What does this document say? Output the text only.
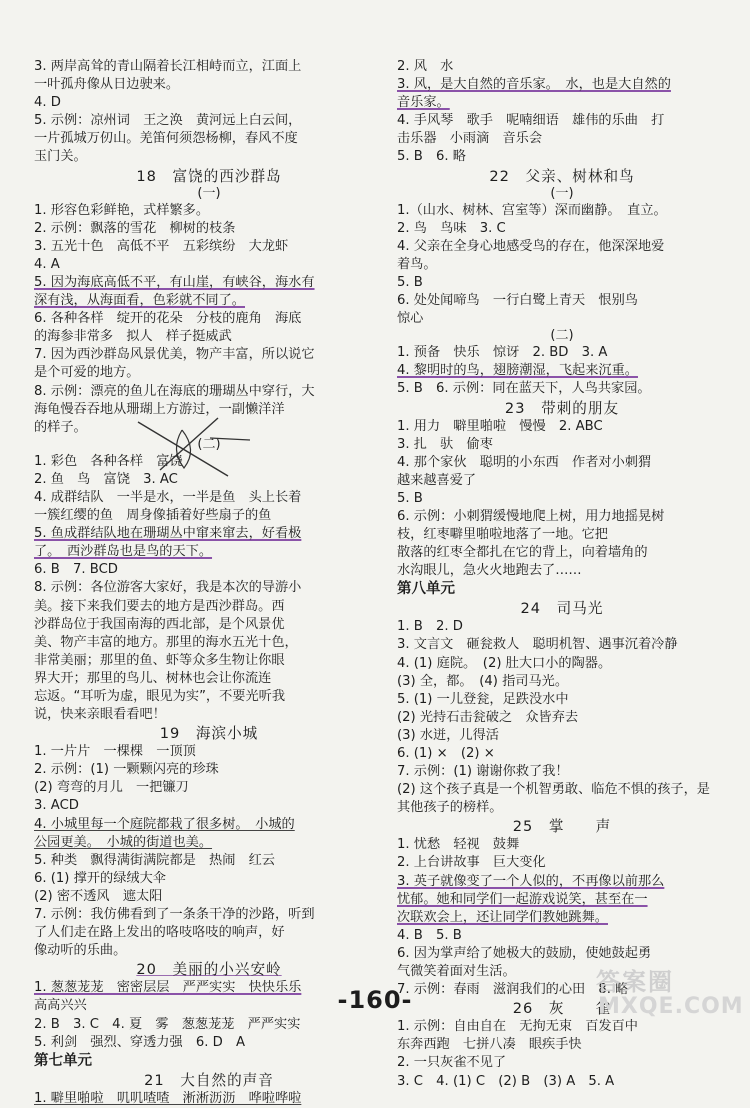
3. 两岸高耸的青山隔着长江相峙而立，江面上
一叶孤舟像从日边驶来。
4. D
5. 示例：凉州词　王之涣　黄河远上白云间，
一片孤城万仞山。羌笛何须怨杨柳，春风不度
玉门关。
18　富饶的西沙群岛
(一)
1. 形容色彩鲜艳，式样繁多。
2. 示例：飘落的雪花　柳树的枝条
3. 五光十色　高低不平　五彩缤纷　大龙虾
4. A
5. 因为海底高低不平，有山崖，有峡谷，海水有
深有浅，从海面看，色彩就不同了。
6. 各种各样　绽开的花朵　分枝的鹿角　海底
的海参非常多　拟人　样子挺威武
7. 因为西沙群岛风景优美，物产丰富，所以说它
是个可爱的地方。
8. 示例：漂亮的鱼儿在海底的珊瑚丛中穿行，大
海龟慢吞吞地从珊瑚上方游过，一副懒洋洋
的样子。
(二)
1. 彩色　各种各样　富饶
2. 鱼　鸟　富饶　3. AC
4. 成群结队　一半是水，一半是鱼　头上长着
一簇红缨的鱼　周身像插着好些扇子的鱼
5. 鱼成群结队地在珊瑚丛中窜来窜去，好看极
了。　西沙群岛也是鸟的天下。
6. B　7. BCD
8. 示例：各位游客大家好，我是本次的导游小
美。接下来我们要去的地方是西沙群岛。西
沙群岛位于我国南海的西北部，是个风景优
美、物产丰富的地方。那里的海水五光十色，
非常美丽；那里的鱼、虾等众多生物让你眼
界大开；那里的鸟儿、树林也会让你流连
忘返。“耳听为虚，眼见为实”，不要光听我
说，快来亲眼看看吧！
19　海滨小城
1. 一片片　一棵棵　一顶顶
2. 示例：(1) 一颗颗闪亮的珍珠
(2) 弯弯的月儿　一把镰刀
3. ACD
4. 小城里每一个庭院都栽了很多树。　小城的
公园更美。　小城的街道也美。
5. 种类　飘得满街满院都是　热闹　红云
6. (1) 撑开的绿绒大伞
(2) 密不透风　遮太阳
7. 示例：我仿佛看到了一条条干净的沙路，听到
了人们走在路上发出的咯吱咯吱的响声，好
像动听的乐曲。
20　美丽的小兴安岭
1. 葱葱茏茏　密密层层　严严实实　快快乐乐
高高兴兴
2. B　3. C　4. 夏　雾　葱葱茏茏　严严实实
5. 利剑　强烈、穿透力强　6. D　A
第七单元
21　大自然的声音
1. 噼里啪啦　叽叽喳喳　淅淅沥沥　哗啦哗啦
2. 风　水
3. 风，是大自然的音乐家。　水，也是大自然的
音乐家。
4. 手风琴　歌手　呢喃细语　雄伟的乐曲　打
击乐器　小雨滴　音乐会
5. B　6. 略
22　父亲、树林和鸟
(一)
1.（山水、树林、宫室等）深而幽静。　直立。
2. 鸟　鸟味　3. C
4. 父亲在全身心地感受鸟的存在，他深深地爱
着鸟。
5. B
6. 处处闻啼鸟　一行白鹭上青天　恨别鸟
惊心
(二)
1. 预备　快乐　惊讶　2. BD　3. A
4. 黎明时的鸟，翅膀潮湿，飞起来沉重。
5. B　6. 示例：同在蓝天下，人鸟共家园。
23　带刺的朋友
1. 用力　噼里啪啦　慢慢　2. ABC
3. 扎　驮　偷枣
4. 那个家伙　聪明的小东西　作者对小刺猬
越来越喜爱了
5. B
6. 示例：小刺猬缓慢地爬上树，用力地摇晃树
枝，红枣噼里啪啦地落了一地。它把
散落的红枣全都扎在它的背上，向着墙角的
水沟眼儿，急火火地跑去了……
第八单元
24　司马光
1. B　2. D
3. 文言文　砸瓮救人　聪明机智、遇事沉着冷静
4. (1) 庭院。　(2) 肚大口小的陶器。
(3) 全，都。　(4) 指司马光。
5. (1) 一儿登瓮，足跌没水中
(2) 光持石击瓮破之　众皆弃去
(3) 水迸，儿得活
6. (1) ×　(2) ×
7. 示例：(1) 谢谢你救了我！
(2) 这个孩子真是一个机智勇敢、临危不惧的孩子，是
其他孩子的榜样。
25　掌　　声
1. 忧愁　轻视　鼓舞
2. 上台讲故事　巨大变化
3. 英子就像变了一个人似的，不再像以前那么
忧郁。她和同学们一起游戏说笑，甚至在一
次联欢会上，还让同学们教她跳舞。
4. B　5. B
6. 因为掌声给了她极大的鼓励，使她鼓起勇
气微笑着面对生活。
7. 示例：春雨　滋润我们的心田　8. 略
26　灰　　雀
1. 示例：自由自在　无拘无束　百发百中
东奔西跑　七拼八凑　眼疾手快
2. 一只灰雀不见了
3. C　4. (1) C　(2) B　(3) A　5. A
-160-
答案圈
MXQE.COM
